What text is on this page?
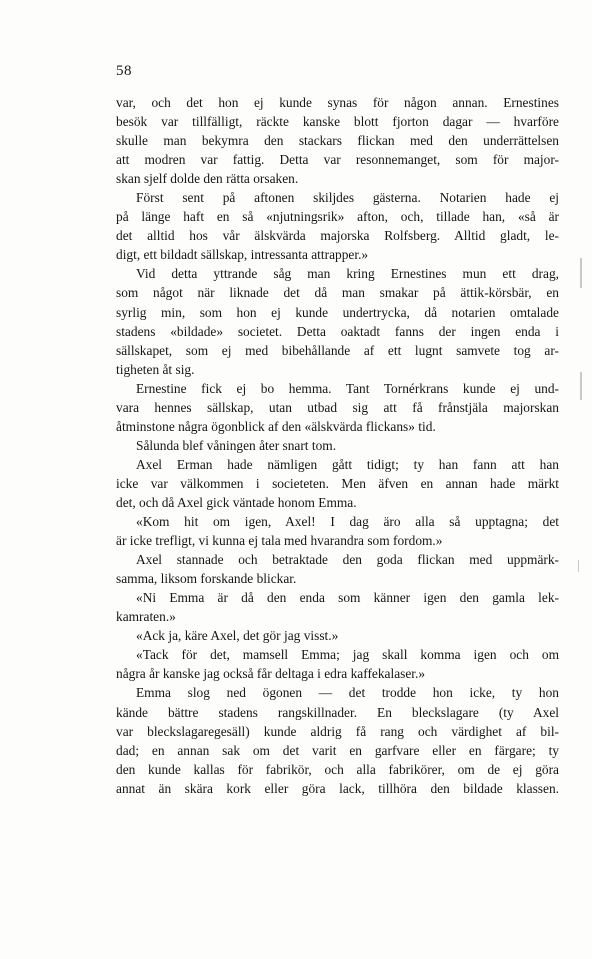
58
var, och det hon ej kunde synas för någon annan. Ernestines
besök var tillfälligt, räckte kanske blott fjorton dagar — hvarföre
skulle man bekymra den stackars flickan med den underrättelsen
att modren var fattig. Detta var resonnemanget, som för major-
skan sjelf dolde den rätta orsaken.
Först sent på aftonen skiljdes gästerna. Notarien hade ej
på länge haft en så «njutningsrik» afton, och, tillade han, «så är
det alltid hos vår älskvärda majorska Rolfsberg. Alltid gladt, le-
digt, ett bildadt sällskap, intressanta attrapper.»
Vid detta yttrande såg man kring Ernestines mun ett drag,
som något när liknade det då man smakar på ättik-körsbär, en
syrlig min, som hon ej kunde undertrycka, då notarien omtalade
stadens «bildade» societet. Detta oaktadt fanns der ingen enda i
sällskapet, som ej med bibehållande af ett lugnt samvete tog ar-
tigheten åt sig.
Ernestine fick ej bo hemma. Tant Tornérkrans kunde ej und-
vara hennes sällskap, utan utbad sig att få frånstjäla majorskan
åtminstone några ögonblick af den «älskvärda flickans» tid.
Sålunda blef våningen åter snart tom.
Axel Erman hade nämligen gått tidigt; ty han fann att han
icke var välkommen i societeten. Men äfven en annan hade märkt
det, och då Axel gick väntade honom Emma.
«Kom hit om igen, Axel! I dag äro alla så upptagna; det
är icke trefligt, vi kunna ej tala med hvarandra som fordom.»
Axel stannade och betraktade den goda flickan med uppmärk-
samma, liksom forskande blickar.
«Ni Emma är då den enda som känner igen den gamla lek-
kamraten.»
«Ack ja, käre Axel, det gör jag visst.»
«Tack för det, mamsell Emma; jag skall komma igen och om
några år kanske jag också får deltaga i edra kaffekalaser.»
Emma slog ned ögonen — det trodde hon icke, ty hon
kände bättre stadens rangskillnader. En bleckslagare (ty Axel
var bleckslagaregesäll) kunde aldrig få rang och värdighet af bil-
dad; en annan sak om det varit en garfvare eller en färgare; ty
den kunde kallas för fabrikör, och alla fabrikörer, om de ej göra
annat än skära kork eller göra lack, tillhöra den bildade klassen.
